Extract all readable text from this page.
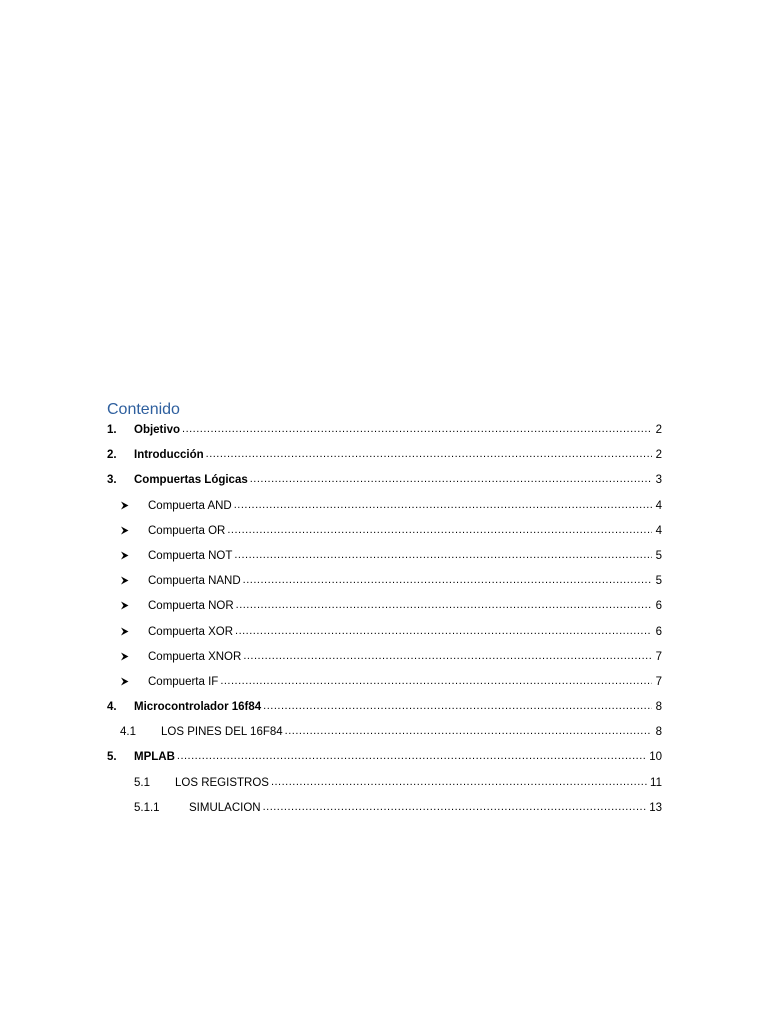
Contenido
1.	Objetivo .....	2
2.	Introducción .....	2
3.	Compuertas Lógicas .....	3
Compuerta AND .....	4
Compuerta OR .....	4
Compuerta NOT .....	5
Compuerta NAND .....	5
Compuerta NOR .....	6
Compuerta XOR .....	6
Compuerta XNOR .....	7
Compuerta IF .....	7
4.	Microcontrolador 16f84 .....	8
4.1	LOS PINES DEL 16F84 .....	8
5.	MPLAB .....	10
5.1	LOS REGISTROS .....	11
5.1.1	SIMULACION .....	13
